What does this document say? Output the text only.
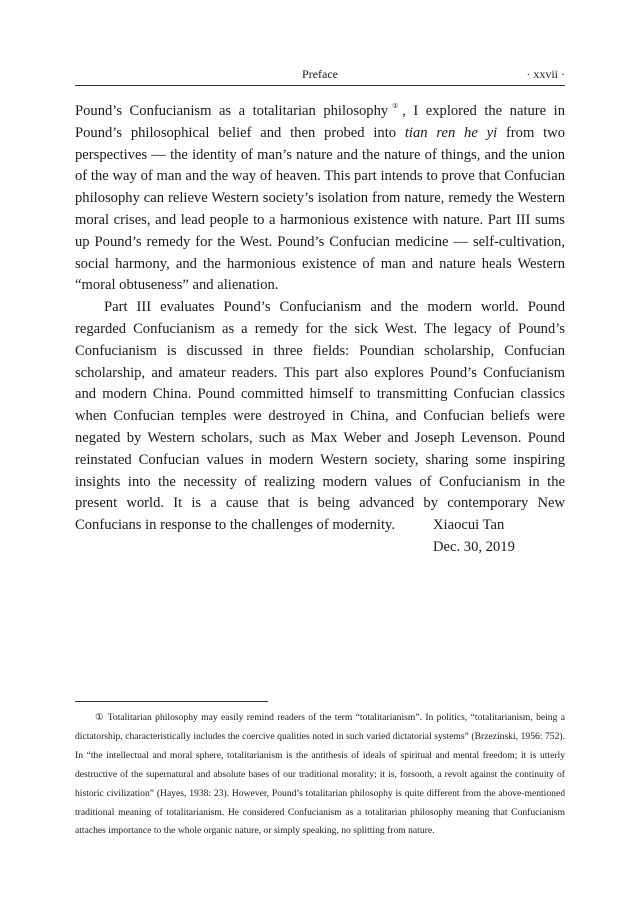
Preface	· xxvii ·

Pound’s Confucianism as a totalitarian philosophy①, I explored the nature in Pound’s philosophical belief and then probed into tian ren he yi from two perspectives — the identity of man’s nature and the nature of things, and the union of the way of man and the way of heaven. This part intends to prove that Confucian philosophy can relieve Western society’s isolation from nature, remedy the Western moral crises, and lead people to a harmonious existence with nature. Part III sums up Pound’s remedy for the West. Pound’s Confucian medicine — self-cultivation, social harmony, and the harmonious existence of man and nature heals Western “moral obtuseness” and alienation.

Part III evaluates Pound’s Confucianism and the modern world. Pound regarded Confucianism as a remedy for the sick West. The legacy of Pound’s Confucianism is discussed in three fields: Poundian scholarship, Confucian scholarship, and amateur readers. This part also explores Pound’s Confucianism and modern China. Pound committed himself to transmitting Confucian classics when Confucian temples were destroyed in China, and Confucian beliefs were negated by Western scholars, such as Max Weber and Joseph Levenson. Pound reinstated Confucian values in modern Western society, sharing some inspiring insights into the necessity of realizing modern values of Confucianism in the present world. It is a cause that is being advanced by contemporary New Confucians in response to the challenges of modernity.	Xiaocui Tan
Dec. 30, 2019

① Totalitarian philosophy may easily remind readers of the term “totalitarianism”. In politics, “totalitarianism, being a dictatorship, characteristically includes the coercive qualities noted in such varied dictatorial systems” (Brzezinski, 1956: 752). In “the intellectual and moral sphere, totalitarianism is the antithesis of ideals of spiritual and mental freedom; it is utterly destructive of the supernatural and absolute bases of our traditional morality; it is, forsooth, a revolt against the continuity of historic civilization” (Hayes, 1938: 23). However, Pound’s totalitarian philosophy is quite different from the above-mentioned traditional meaning of totalitarianism. He considered Confucianism as a totalitarian philosophy meaning that Confucianism attaches importance to the whole organic nature, or simply speaking, no splitting from nature.
